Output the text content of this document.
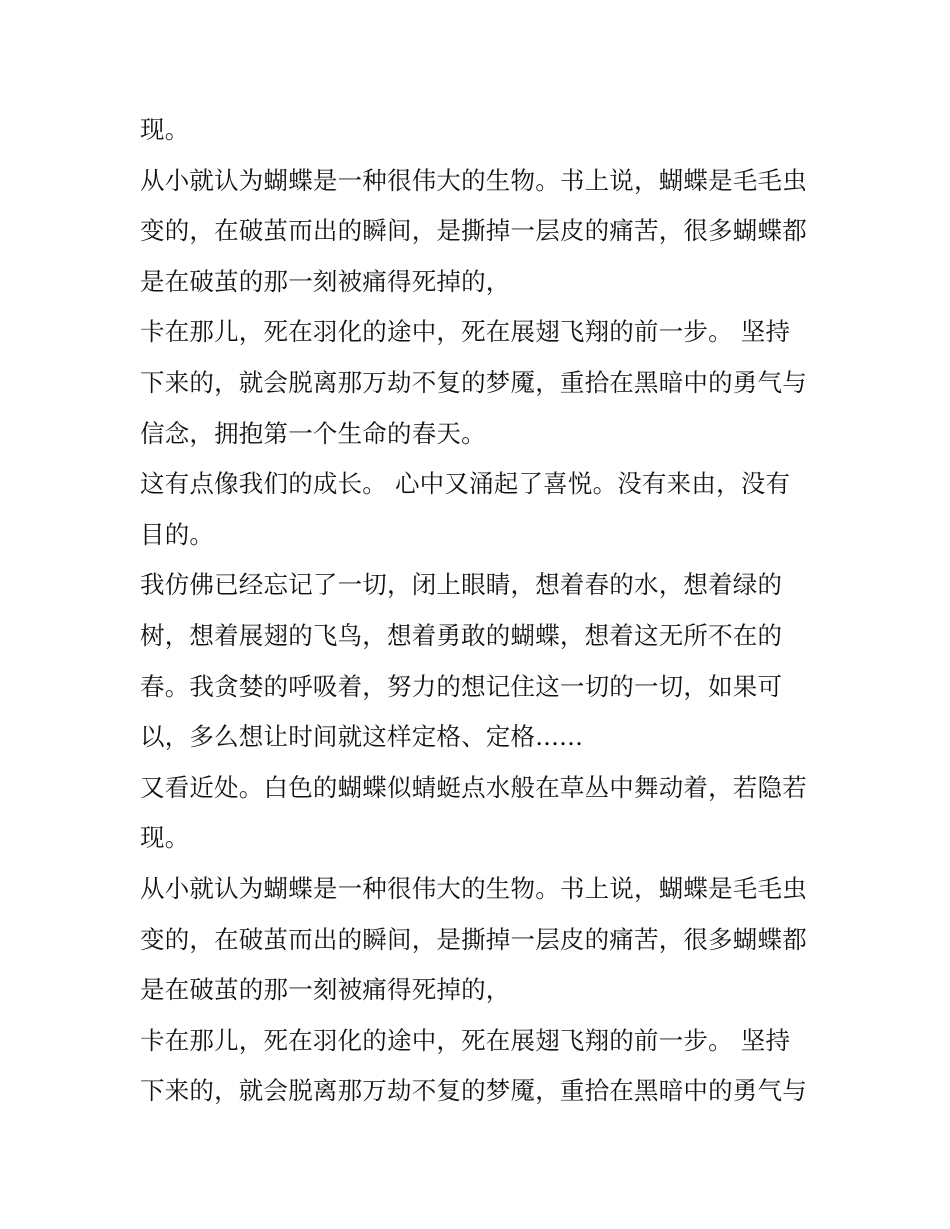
现。
从小就认为蝴蝶是一种很伟大的生物。书上说，蝴蝶是毛毛虫
变的，在破茧而出的瞬间，是撕掉一层皮的痛苦，很多蝴蝶都
是在破茧的那一刻被痛得死掉的，
卡在那儿，死在羽化的途中，死在展翅飞翔的前一步。 坚持
下来的，就会脱离那万劫不复的梦魇，重拾在黑暗中的勇气与
信念，拥抱第一个生命的春天。
这有点像我们的成长。 心中又涌起了喜悦。没有来由，没有
目的。
我仿佛已经忘记了一切，闭上眼睛，想着春的水，想着绿的
树，想着展翅的飞鸟，想着勇敢的蝴蝶，想着这无所不在的
春。我贪婪的呼吸着，努力的想记住这一切的一切，如果可
以，多么想让时间就这样定格、定格......
又看近处。白色的蝴蝶似蜻蜓点水般在草丛中舞动着，若隐若
现。
从小就认为蝴蝶是一种很伟大的生物。书上说，蝴蝶是毛毛虫
变的，在破茧而出的瞬间，是撕掉一层皮的痛苦，很多蝴蝶都
是在破茧的那一刻被痛得死掉的，
卡在那儿，死在羽化的途中，死在展翅飞翔的前一步。 坚持
下来的，就会脱离那万劫不复的梦魇，重拾在黑暗中的勇气与
